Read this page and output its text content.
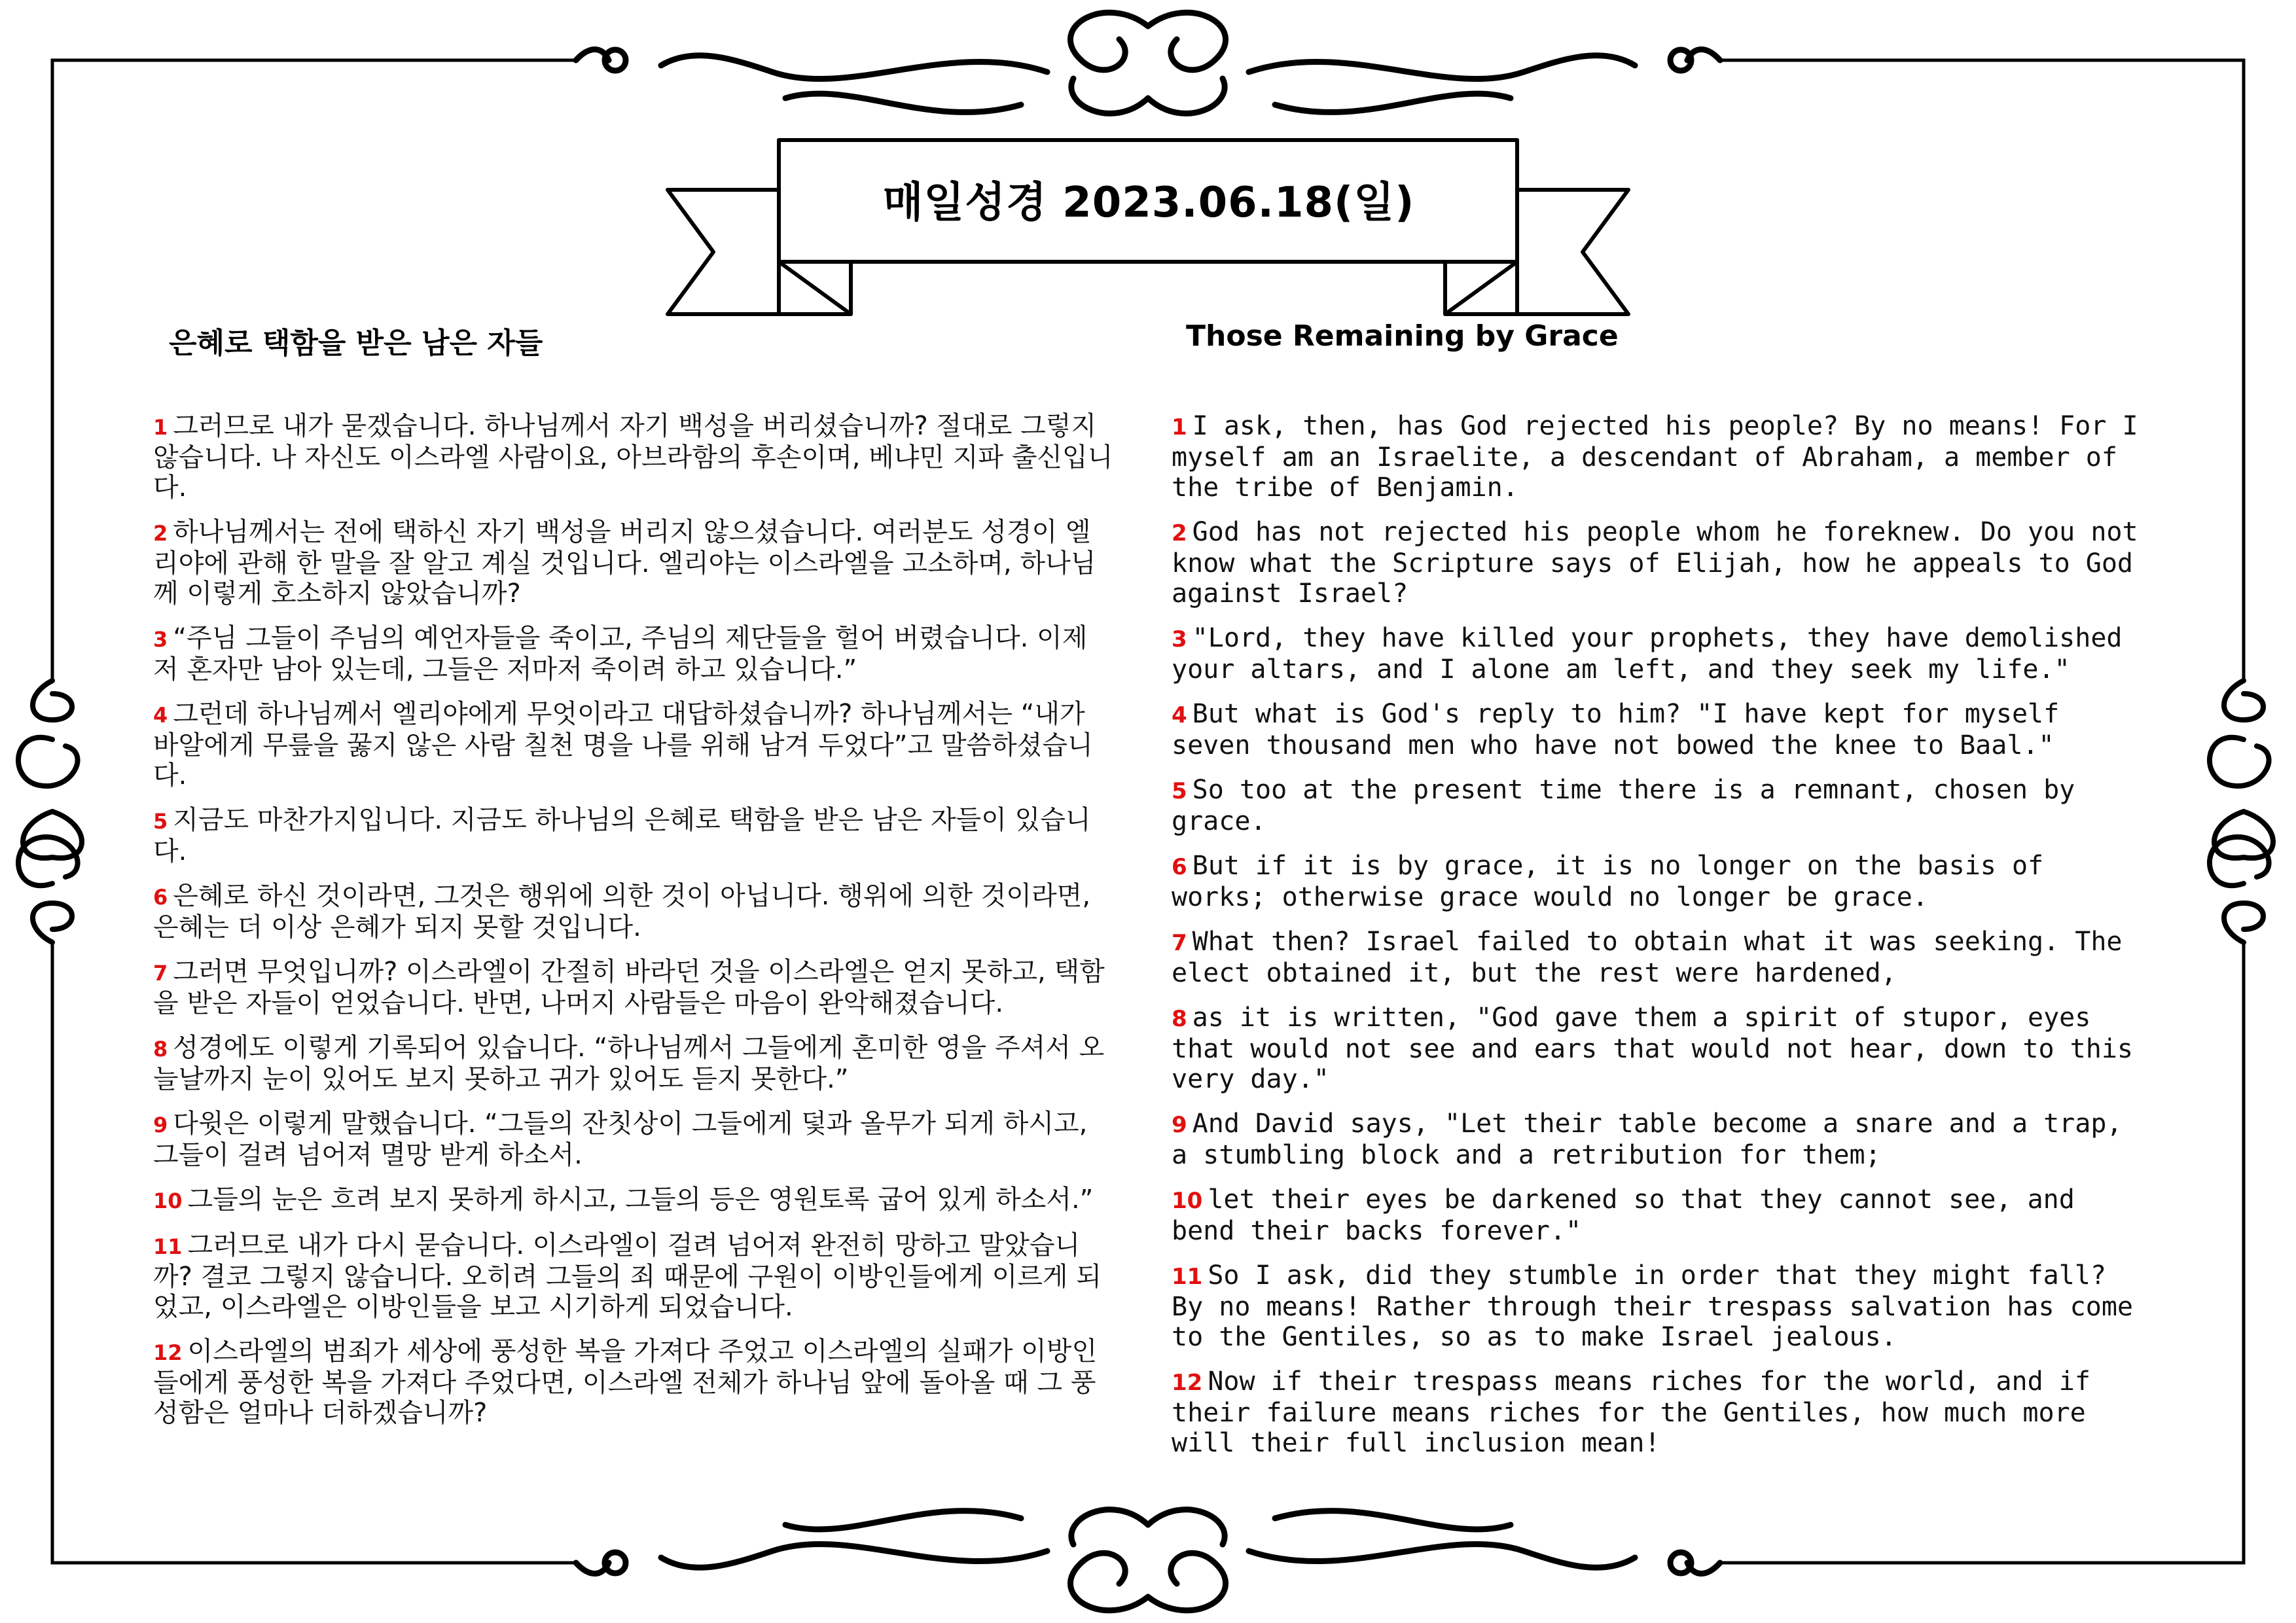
매일성경 2023.06.18(일)
은혜로 택함을 받은 남은 자들	Those Remaining by Grace

1 그러므로 내가 묻겠습니다. 하나님께서 자기 백성을 버리셨습니까? 절대로 그렇지 않습니다. 나 자신도 이스라엘 사람이요, 아브라함의 후손이며, 베냐민 지파 출신입니다.

2 하나님께서는 전에 택하신 자기 백성을 버리지 않으셨습니다. 여러분도 성경이 엘리야에 관해 한 말을 잘 알고 계실 것입니다. 엘리야는 이스라엘을 고소하며, 하나님께 이렇게 호소하지 않았습니까?

3 “주님 그들이 주님의 예언자들을 죽이고, 주님의 제단들을 헐어 버렸습니다. 이제 저 혼자만 남아 있는데, 그들은 저마저 죽이려 하고 있습니다.”

4 그런데 하나님께서 엘리야에게 무엇이라고 대답하셨습니까? 하나님께서는 “내가 바알에게 무릎을 꿇지 않은 사람 칠천 명을 나를 위해 남겨 두었다”고 말씀하셨습니다.

5 지금도 마찬가지입니다. 지금도 하나님의 은혜로 택함을 받은 남은 자들이 있습니다.

6 은혜로 하신 것이라면, 그것은 행위에 의한 것이 아닙니다. 행위에 의한 것이라면, 은혜는 더 이상 은혜가 되지 못할 것입니다.

7 그러면 무엇입니까? 이스라엘이 간절히 바라던 것을 이스라엘은 얻지 못하고, 택함을 받은 자들이 얻었습니다. 반면, 나머지 사람들은 마음이 완악해졌습니다.

8 성경에도 이렇게 기록되어 있습니다. “하나님께서 그들에게 혼미한 영을 주셔서 오늘날까지 눈이 있어도 보지 못하고 귀가 있어도 듣지 못한다.”

9 다윗은 이렇게 말했습니다. “그들의 잔칫상이 그들에게 덫과 올무가 되게 하시고, 그들이 걸려 넘어져 멸망 받게 하소서.

10 그들의 눈은 흐려 보지 못하게 하시고, 그들의 등은 영원토록 굽어 있게 하소서.”

11 그러므로 내가 다시 묻습니다. 이스라엘이 걸려 넘어져 완전히 망하고 말았습니까? 결코 그렇지 않습니다. 오히려 그들의 죄 때문에 구원이 이방인들에게 이르게 되었고, 이스라엘은 이방인들을 보고 시기하게 되었습니다.

12 이스라엘의 범죄가 세상에 풍성한 복을 가져다 주었고 이스라엘의 실패가 이방인들에게 풍성한 복을 가져다 주었다면, 이스라엘 전체가 하나님 앞에 돌아올 때 그 풍성함은 얼마나 더하겠습니까?

1 I ask, then, has God rejected his people? By no means! For I myself am an Israelite, a descendant of Abraham, a member of the tribe of Benjamin.

2 God has not rejected his people whom he foreknew. Do you not know what the Scripture says of Elijah, how he appeals to God against Israel?

3 "Lord, they have killed your prophets, they have demolished your altars, and I alone am left, and they seek my life."

4 But what is God's reply to him? "I have kept for myself seven thousand men who have not bowed the knee to Baal."

5 So too at the present time there is a remnant, chosen by grace.

6 But if it is by grace, it is no longer on the basis of works; otherwise grace would no longer be grace.

7 What then? Israel failed to obtain what it was seeking. The elect obtained it, but the rest were hardened,

8 as it is written, "God gave them a spirit of stupor, eyes that would not see and ears that would not hear, down to this very day."

9 And David says, "Let their table become a snare and a trap, a stumbling block and a retribution for them;

10 let their eyes be darkened so that they cannot see, and bend their backs forever."

11 So I ask, did they stumble in order that they might fall? By no means! Rather through their trespass salvation has come to the Gentiles, so as to make Israel jealous.

12 Now if their trespass means riches for the world, and if their failure means riches for the Gentiles, how much more will their full inclusion mean!
